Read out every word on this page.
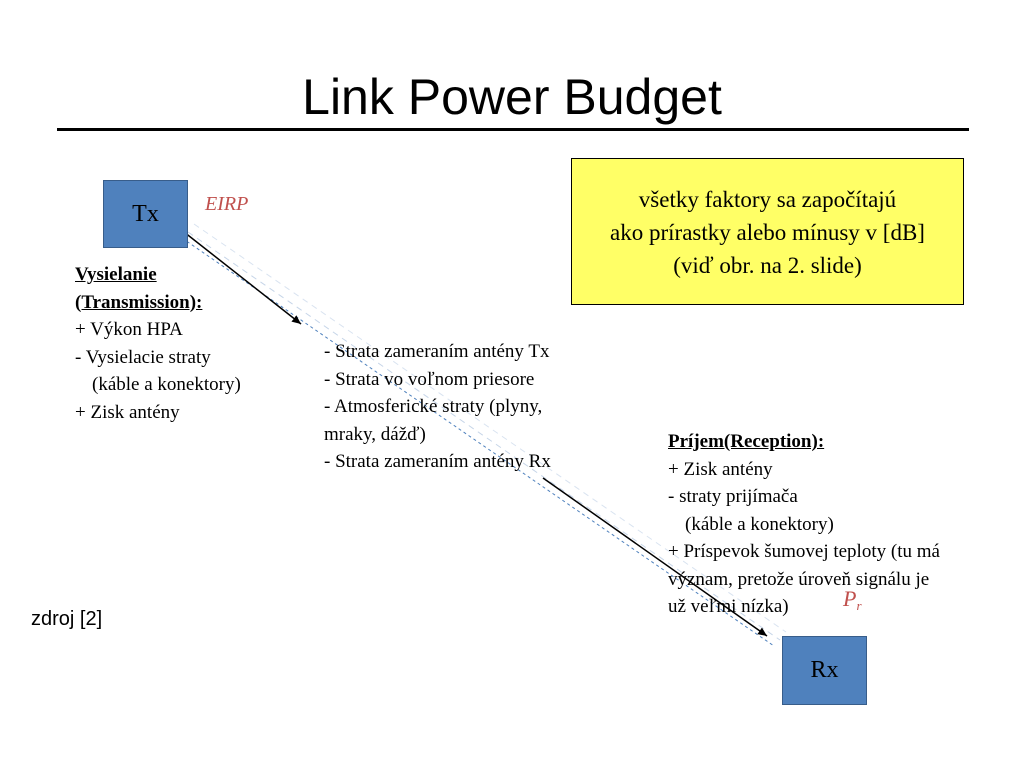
Link Power Budget
Tx
Rx
EIRP
$P_r$
všetky faktory sa započítajú
ako prírastky alebo mínusy v [dB]
(viď obr. na 2. slide)
Vysielanie
(Transmission):
+ Výkon HPA
- Vysielacie straty
(káble a konektory)
+ Zisk antény
- Strata zameraním antény Tx
- Strata vo voľnom priesore
- Atmosferické straty (plyny,
mraky, dážď)
- Strata zameraním antény Rx
Príjem(Reception):
+ Zisk antény
- straty prijímača
(káble a konektory)
+ Príspevok šumovej teploty (tu má
význam, pretože úroveň signálu je
už veľmi nízka)
zdroj [2]
